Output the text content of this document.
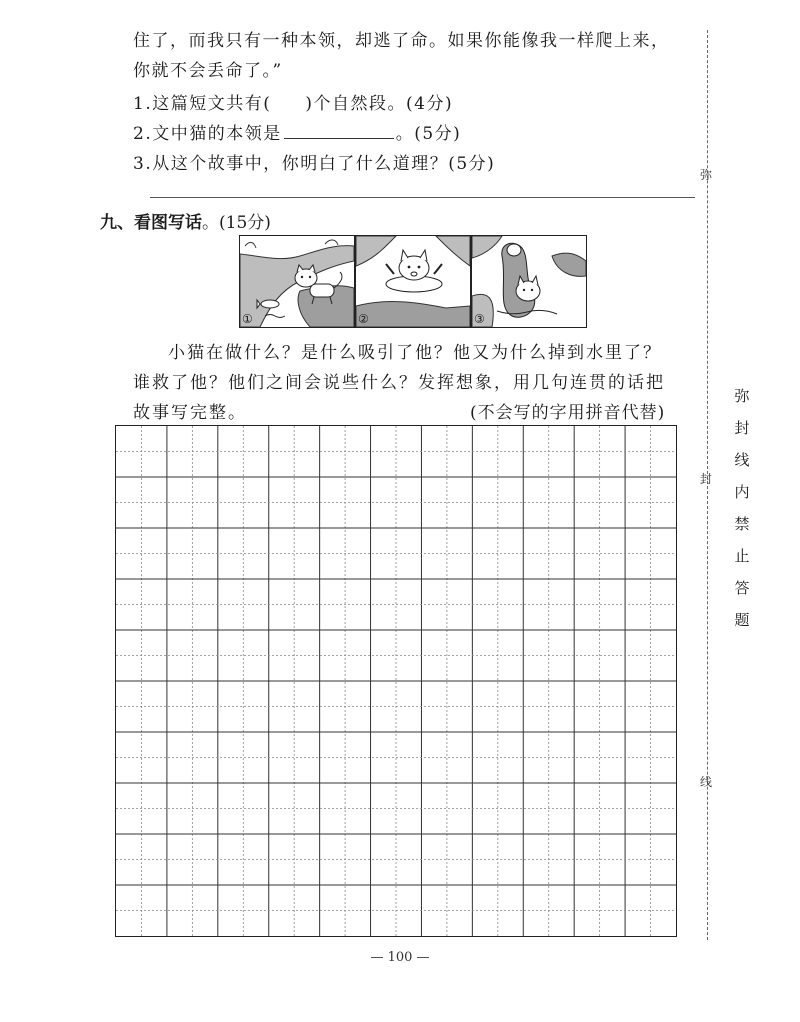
住了，而我只有一种本领，却逃了命。如果你能像我一样爬上来，
你就不会丢命了。”
1.这篇短文共有( )个自然段。(4分)
2.文中猫的本领是	。(5分)
3.从这个故事中，你明白了什么道理？(5分)
九、看图写话。(15分)
①	②	③
小猫在做什么？是什么吸引了他？他又为什么掉到水里了？
谁救了他？他们之间会说些什么？发挥想象，用几句连贯的话把
故事写完整。	(不会写的字用拼音代替)
弥
封
线
弥
封
线
内
禁
止
答
题
— 100 —
